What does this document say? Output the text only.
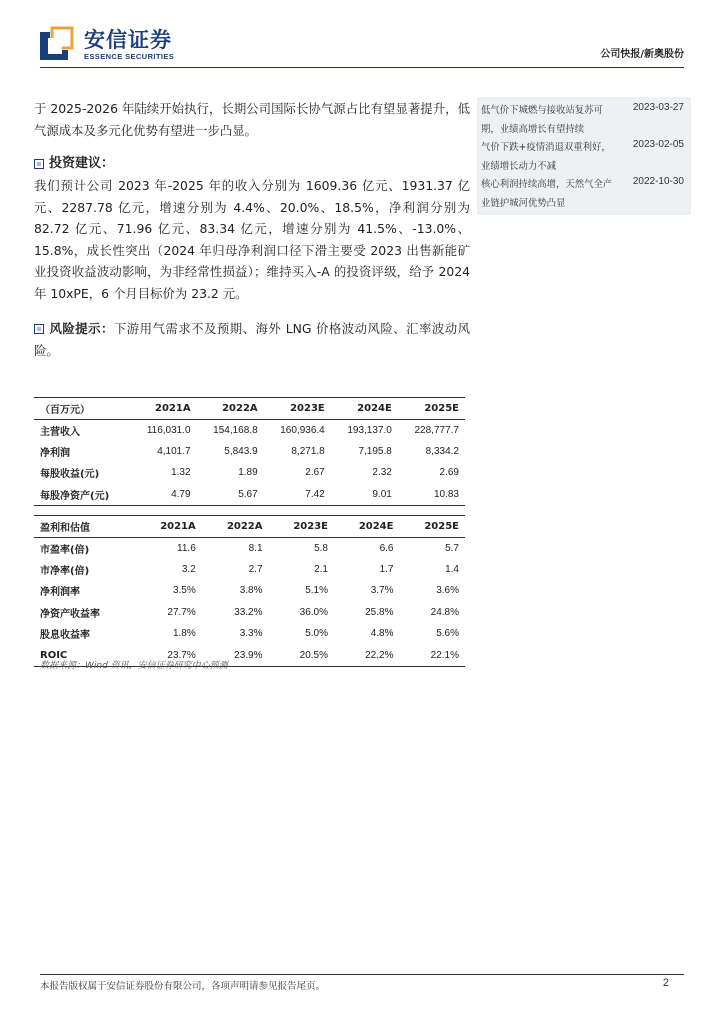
安信证券
ESSENCE SECURITIES	公司快报/新奥股份

于 2025-2026 年陆续开始执行，长期公司国际长协气源占比有望显著提升，低气源成本及多元化优势有望进一步凸显。

投资建议：

我们预计公司 2023 年-2025 年的收入分别为 1609.36 亿元、1931.37 亿元、2287.78 亿元，增速分别为 4.4%、20.0%、18.5%，净利润分别为 82.72 亿元、71.96 亿元、83.34 亿元，增速分别为 41.5%、-13.0%、15.8%，成长性突出（2024 年归母净利润口径下滑主要受 2023 出售新能矿业投资收益波动影响，为非经常性损益）；维持买入-A 的投资评级，给予 2024 年 10xPE，6 个月目标价为 23.2 元。

风险提示：下游用气需求不及预期、海外 LNG 价格波动风险、汇率波动风险。

低气价下城燃与接收站复苏可期，业绩高增长有望持续
2023-03-27
气价下跌+疫情消退双重利好，业绩增长动力不减
2023-02-05
核心利润持续高增，天然气全产业链护城河优势凸显
2022-10-30
（百万元）	2021A	2022A	2023E	2024E	2025E
主营收入	116,031.0	154,168.8	160,936.4	193,137.0	228,777.7
净利润	4,101.7	5,843.9	8,271.8	7,195.8	8,334.2
每股收益(元)	1.32	1.89	2.67	2.32	2.69
每股净资产(元)	4.79	5.67	7.42	9.01	10.83
盈利和估值	2021A	2022A	2023E	2024E	2025E
市盈率(倍)	11.6	8.1	5.8	6.6	5.7
市净率(倍)	3.2	2.7	2.1	1.7	1.4
净利润率	3.5%	3.8%	5.1%	3.7%	3.6%
净资产收益率	27.7%	33.2%	36.0%	25.8%	24.8%
股息收益率	1.8%	3.3%	5.0%	4.8%	5.6%
ROIC	23.7%	23.9%	20.5%	22.2%	22.1%
数据来源：Wind 资讯，安信证券研究中心预测
本报告版权属于安信证券股份有限公司，各项声明请参见报告尾页。	2
